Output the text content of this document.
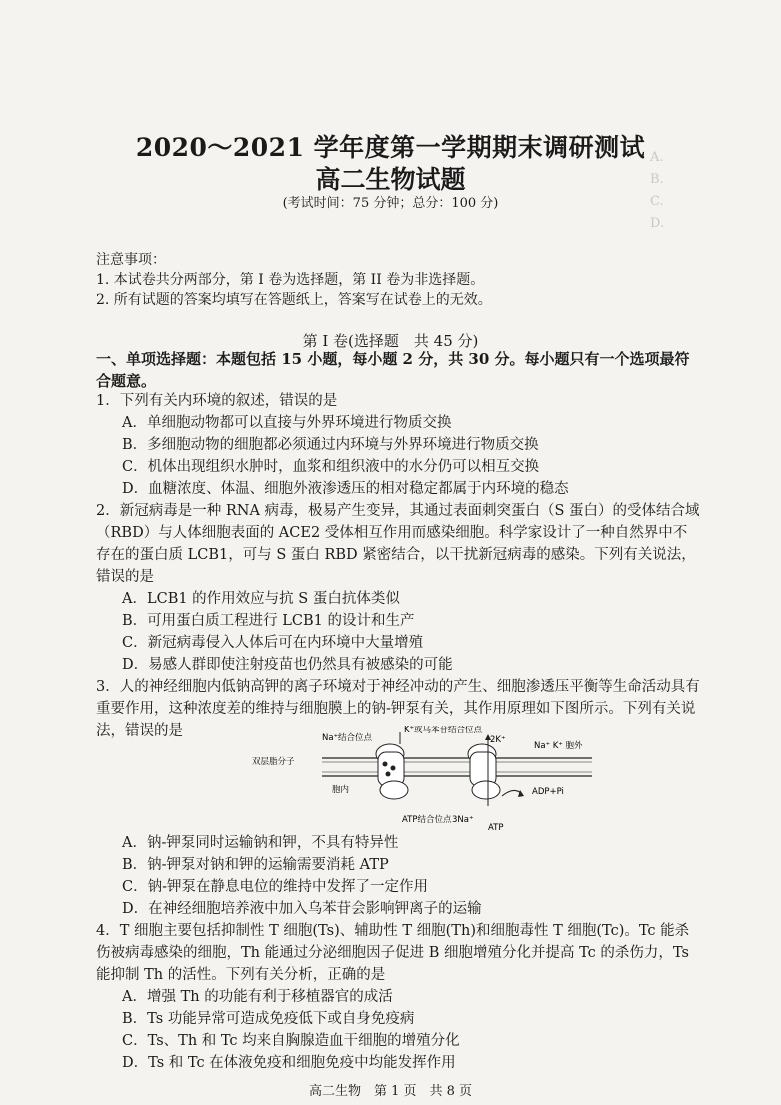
A.
B.
C.
D.
2020～2021 学年度第一学期期末调研测试
高二生物试题
(考试时间：75 分钟；总分：100 分)
注意事项：
1. 本试卷共分两部分，第 I 卷为选择题，第 II 卷为非选择题。
2. 所有试题的答案均填写在答题纸上，答案写在试卷上的无效。
第 I 卷(选择题　共 45 分)
一、单项选择题：本题包括 15 小题，每小题 2 分，共 30 分。每小题只有一个选项最符合题意。
1．下列有关内环境的叙述，错误的是
A．单细胞动物都可以直接与外界环境进行物质交换
B．多细胞动物的细胞都必须通过内环境与外界环境进行物质交换
C．机体出现组织水肿时，血浆和组织液中的水分仍可以相互交换
D．血糖浓度、体温、细胞外液渗透压的相对稳定都属于内环境的稳态
2．新冠病毒是一种 RNA 病毒，极易产生变异，其通过表面刺突蛋白（S 蛋白）的受体结合域（RBD）与人体细胞表面的 ACE2 受体相互作用而感染细胞。科学家设计了一种自然界中不存在的蛋白质 LCB1，可与 S 蛋白 RBD 紧密结合，以干扰新冠病毒的感染。下列有关说法，错误的是
A．LCB1 的作用效应与抗 S 蛋白抗体类似
B．可用蛋白质工程进行 LCB1 的设计和生产
C．新冠病毒侵入人体后可在内环境中大量增殖
D．易感人群即使注射疫苗也仍然具有被感染的可能
3．人的神经细胞内低钠高钾的离子环境对于神经冲动的产生、细胞渗透压平衡等生命活动具有重要作用，这种浓度差的维持与细胞膜上的钠-钾泵有关，其作用原理如下图所示。下列有关说法，错误的是	Na⁺结合位点
K⁺或乌苯苷结合位点
2K⁺
Na⁺ K⁺ 胞外
双层脂分子
胞内	ADP+Pi
ATP结合位点 3Na⁺
ATP
A．钠-钾泵同时运输钠和钾，不具有特异性
B．钠-钾泵对钠和钾的运输需要消耗 ATP
C．钠-钾泵在静息电位的维持中发挥了一定作用
D．在神经细胞培养液中加入乌苯苷会影响钾离子的运输
4．T 细胞主要包括抑制性 T 细胞(Ts)、辅助性 T 细胞(Th)和细胞毒性 T 细胞(Tc)。Tc 能杀伤被病毒感染的细胞，Th 能通过分泌细胞因子促进 B 细胞增殖分化并提高 Tc 的杀伤力，Ts 能抑制 Th 的活性。下列有关分析，正确的是
A．增强 Th 的功能有利于移植器官的成活
B．Ts 功能异常可造成免疫低下或自身免疫病
C．Ts、Th 和 Tc 均来自胸腺造血干细胞的增殖分化
D．Ts 和 Tc 在体液免疫和细胞免疫中均能发挥作用
高二生物　第 1 页　共 8 页
